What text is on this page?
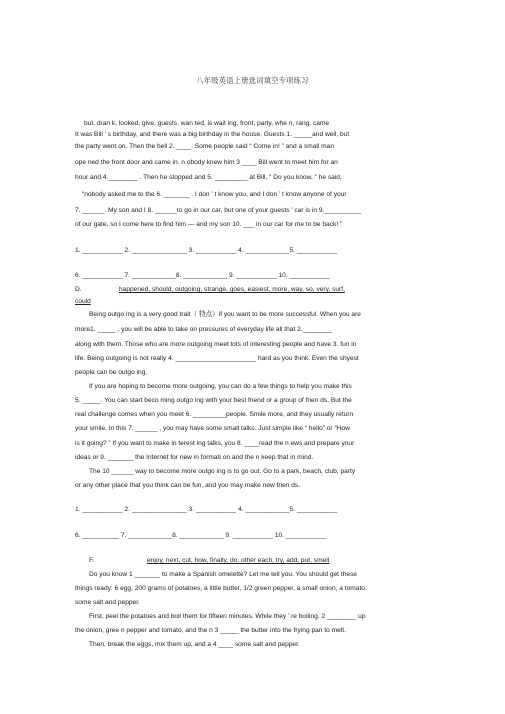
八年级英语上册选词填空专项练习
but, dran k, looked, give, guests, wan ted, is wait ing, front, party, whe n, rang, came
It was Bill ’ s birthday, and there was a big birthday in the house. Guests 1. _____and well, but
the party went on. Then the bell 2. ____. Some people said “ Come in! ” and a small man
ope ned the front door and came in. n obody knew him 3 ____ Bill went to meet him for an
hour and 4.________ . Then he stopped and 5. _________ at Bill, “ Do you know, ” he said,
“nobody asked me to the 6. _______ . I don ’ t know you, and I don ’ t know anyone of your
7. ______. My son and I 8. ______to go in our car, but one of your guests ’ car is in 9.__________
of our gate, so I come here to find him — and my son 10. ___ in our car for me to be back! ”
1. ___________ 2. _______________ 3. ___________ 4. ____________5. ___________
6. ___________ 7. ____________8. ____________ 9. ___________ 10. ___________
D.	happened, should, outgoing, strange, goes, easiest, more, way, so, very, surf,
could
Being outgo ing is a very good trait（ 特点）if you want to be more successful. When you are
more1. _____ , you will be able to take on pressures of everyday life all that 2.________
along with them. Those who are more outgoing meet lots of interesting people and have 3. fun in
life. Being outgoing is not really 4. ______________________ hard as you think. Even the shyest
people can be outgo ing.
If you are hoping to become more outgoing, you can do a few things to help you make this
5. _____. You can start beco ming outgo ing with your best friend or a group of frien ds. But the
real challenge comes when you meet 6. _________people. Smile more, and they usually return
your smile. In this 7. ______ , you may have some small talks. Just simple like “ hello” or “How
is it going? ” If you want to make in terest ing talks, you 8. ____read the n ews and prepare your
ideas or 9. _______ the Internet for new in formati on and the n keep that in mind.
The 10 ______ way to become more outgo ing is to go out. Go to a park, beach, club, party
or any other place that you think can be fun, and you may make new frien ds.
1. ___________ 2. _______________ 3. ___________ 4. ____________5. ___________
6. __________ 7. ____________8. ____________ 9. ___________ 10. ___________
F.	enjoy, next, cut, how, finally, do, other each, try, add, put, smell
Do you know 1 _______ to make a Spanish omelette? Let me tell you. You should get these
things ready: 6 egg, 200 grams of potatoes, a little butter, 1/2 green pepper, a small onion, a tomato,
some salt and pepper.
First, peel the potatoes and boil them for fifteen minutes. While they ’ re boiling, 2 ________ up
the onion, gree n pepper and tomato, and the n 3 _____ the butter into the frying pan to melt.
Then, break the eggs, mix them up, and a 4 ____ some salt and pepper.
